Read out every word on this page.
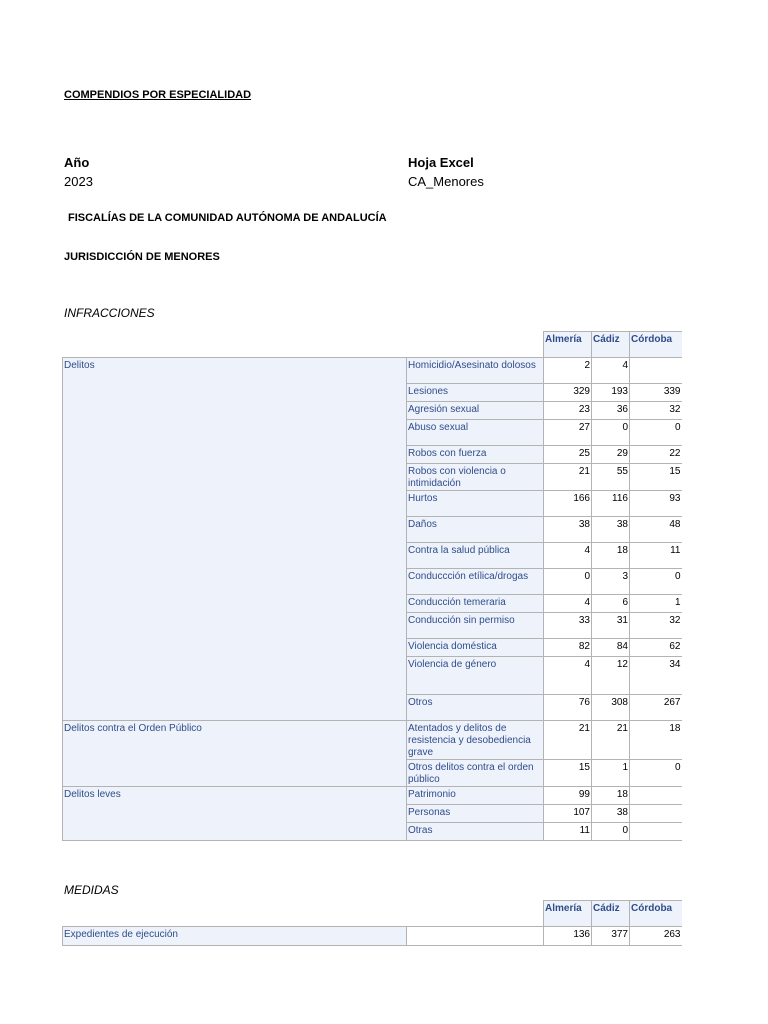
COMPENDIOS POR ESPECIALIDAD
Año
2023
Hoja Excel
CA_Menores
FISCALÍAS DE LA COMUNIDAD AUTÓNOMA DE ANDALUCÍA
JURISDICCIÓN DE MENORES
INFRACCIONES
		Almería	Cádiz	Córdoba
Delitos	Homicidio/Asesinato dolosos	2	4	
	Lesiones	329	193	339
	Agresión sexual	23	36	32
	Abuso sexual	27	0	0
	Robos con fuerza	25	29	22
	Robos con violencia o intimidación	21	55	15
	Hurtos	166	116	93
	Daños	38	38	48
	Contra la salud pública	4	18	11
	Conduccción etílica/drogas	0	3	0
	Conducción temeraria	4	6	1
	Conducción sin permiso	33	31	32
	Violencia doméstica	82	84	62
	Violencia de género	4	12	34
	Otros	76	308	267
Delitos contra el Orden Público	Atentados y delitos de resistencia y desobediencia grave	21	21	18
	Otros delitos contra el orden público	15	1	0
Delitos leves	Patrimonio	99	18	
	Personas	107	38	
	Otras	11	0	
MEDIDAS
		Almería	Cádiz	Córdoba
Expedientes de ejecución		136	377	263
